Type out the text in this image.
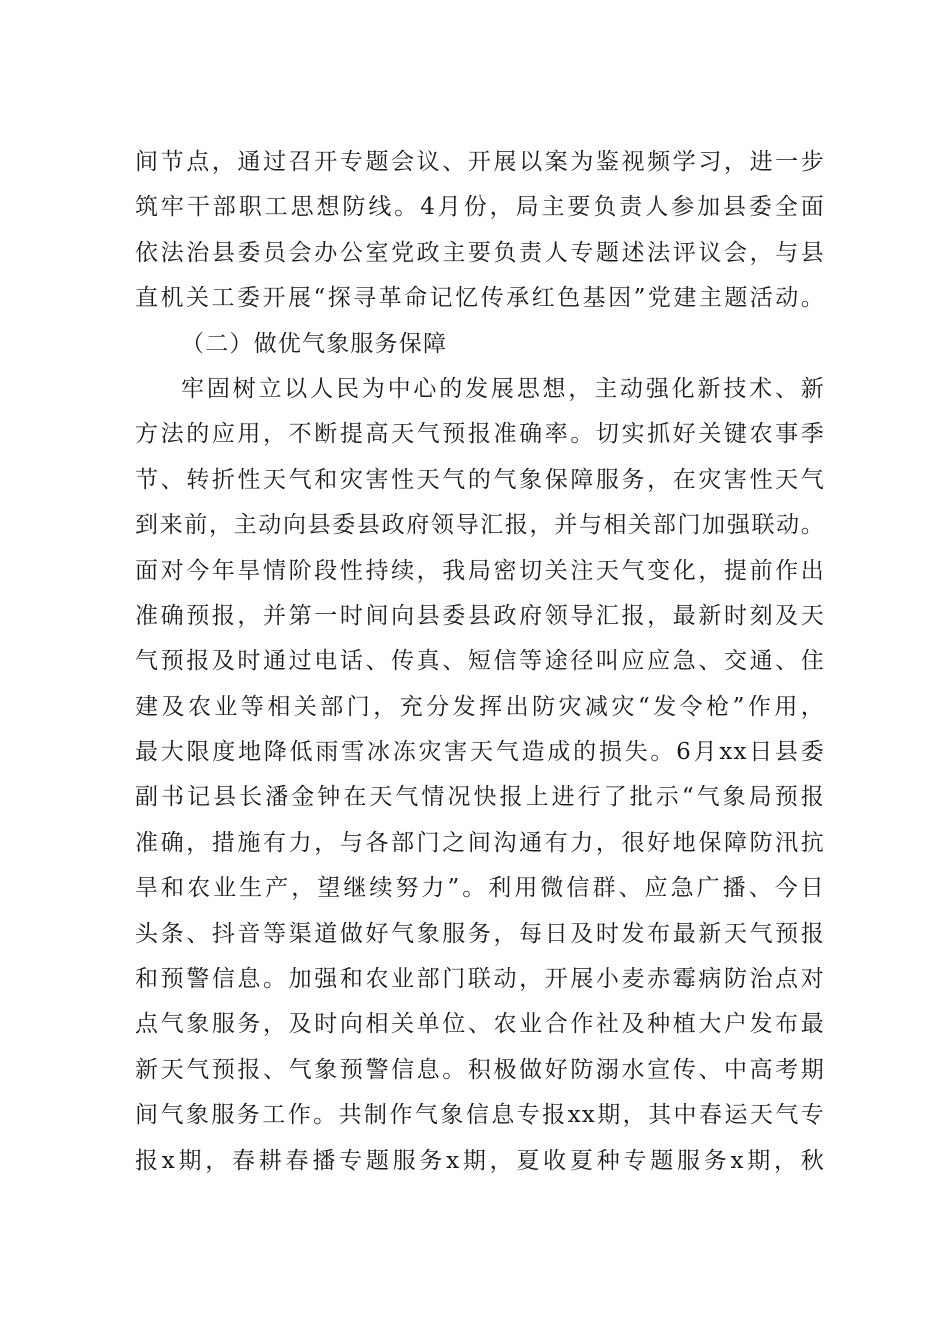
间节点，通过召开专题会议、开展以案为鉴视频学习，进一步
筑牢干部职工思想防线。4月份，局主要负责人参加县委全面
依法治县委员会办公室党政主要负责人专题述法评议会，与县
直机关工委开展“探寻革命记忆传承红色基因”党建主题活动。
（二）做优气象服务保障
牢固树立以人民为中心的发展思想，主动强化新技术、新
方法的应用，不断提高天气预报准确率。切实抓好关键农事季
节、转折性天气和灾害性天气的气象保障服务，在灾害性天气
到来前，主动向县委县政府领导汇报，并与相关部门加强联动。
面对今年旱情阶段性持续，我局密切关注天气变化，提前作出
准确预报，并第一时间向县委县政府领导汇报，最新时刻及天
气预报及时通过电话、传真、短信等途径叫应应急、交通、住
建及农业等相关部门，充分发挥出防灾减灾“发令枪”作用，
最大限度地降低雨雪冰冻灾害天气造成的损失。6月xx日县委
副书记县长潘金钟在天气情况快报上进行了批示“气象局预报
准确，措施有力，与各部门之间沟通有力，很好地保障防汛抗
旱和农业生产，望继续努力”。利用微信群、应急广播、今日
头条、抖音等渠道做好气象服务，每日及时发布最新天气预报
和预警信息。加强和农业部门联动，开展小麦赤霉病防治点对
点气象服务，及时向相关单位、农业合作社及种植大户发布最
新天气预报、气象预警信息。积极做好防溺水宣传、中高考期
间气象服务工作。共制作气象信息专报xx期，其中春运天气专
报x期，春耕春播专题服务x期，夏收夏种专题服务x期，秋
